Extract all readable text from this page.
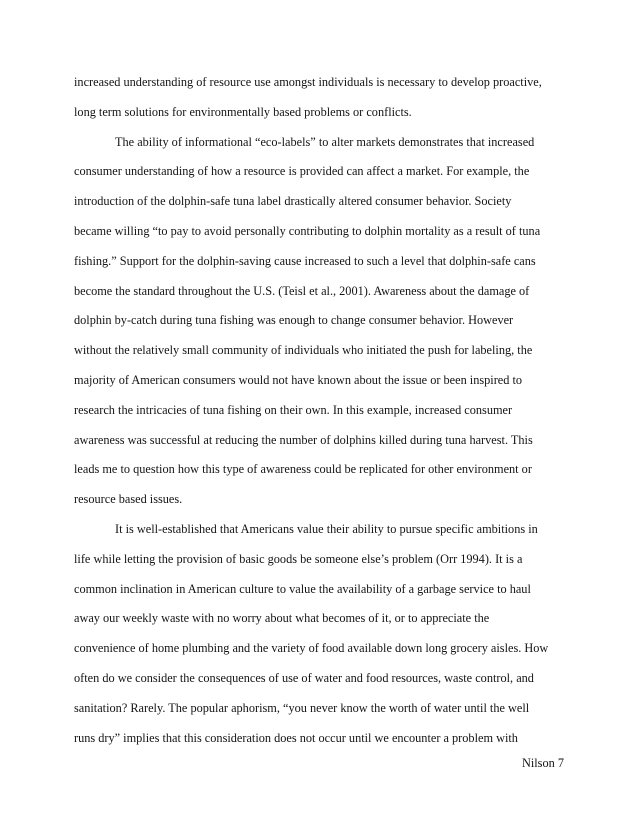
increased understanding of resource use amongst individuals is necessary to develop proactive,
long term solutions for environmentally based problems or conflicts.
The ability of informational “eco-labels” to alter markets demonstrates that increased
consumer understanding of how a resource is provided can affect a market. For example, the
introduction of the dolphin-safe tuna label drastically altered consumer behavior. Society
became willing “to pay to avoid personally contributing to dolphin mortality as a result of tuna
fishing.” Support for the dolphin-saving cause increased to such a level that dolphin-safe cans
become the standard throughout the U.S. (Teisl et al., 2001). Awareness about the damage of
dolphin by-catch during tuna fishing was enough to change consumer behavior. However
without the relatively small community of individuals who initiated the push for labeling, the
majority of American consumers would not have known about the issue or been inspired to
research the intricacies of tuna fishing on their own. In this example, increased consumer
awareness was successful at reducing the number of dolphins killed during tuna harvest. This
leads me to question how this type of awareness could be replicated for other environment or
resource based issues.
It is well-established that Americans value their ability to pursue specific ambitions in
life while letting the provision of basic goods be someone else’s problem (Orr 1994). It is a
common inclination in American culture to value the availability of a garbage service to haul
away our weekly waste with no worry about what becomes of it, or to appreciate the
convenience of home plumbing and the variety of food available down long grocery aisles. How
often do we consider the consequences of use of water and food resources, waste control, and
sanitation? Rarely. The popular aphorism, “you never know the worth of water until the well
runs dry” implies that this consideration does not occur until we encounter a problem with
Nilson 7
